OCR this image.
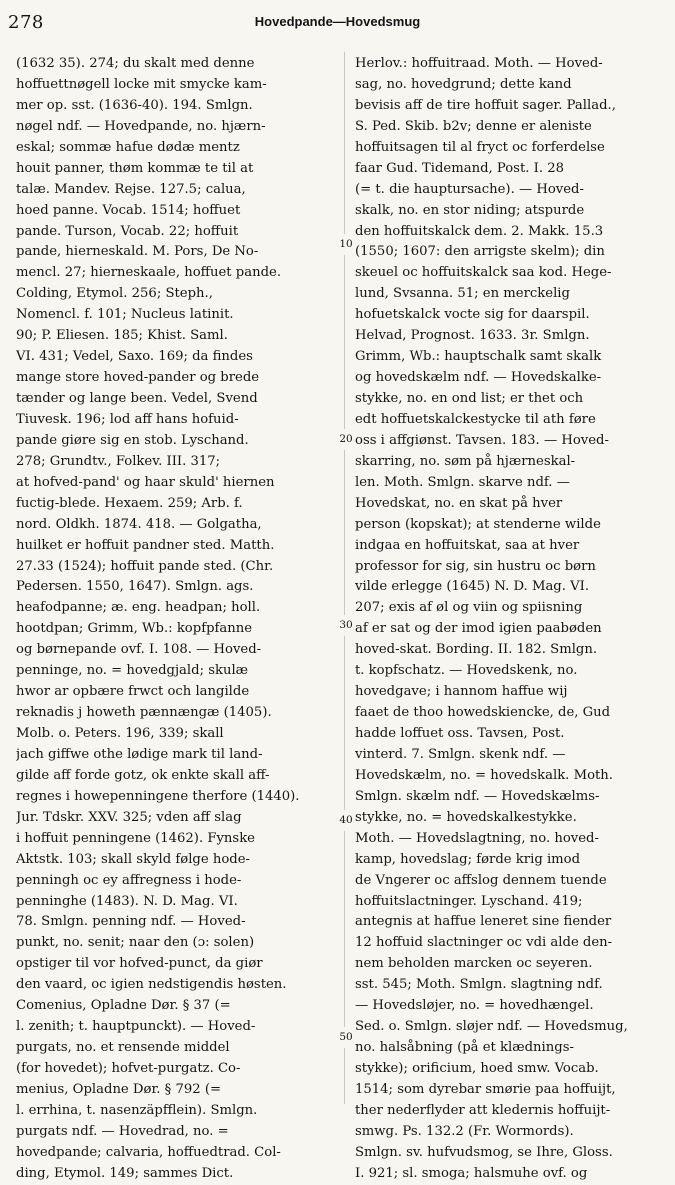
278	Hovedpande—Hovedsmug
(1632 35). 274; du skalt med denne
hoffuettnøgell locke mit smycke kam-
mer op. sst. (1636-40). 194. Smlgn.
nøgel ndf. — Hovedpande, no. hjærn-
eskal; sommæ hafue dødæ mentz
houit panner, thøm kommæ te til at
talæ. Mandev. Rejse. 127.5; calua,
hoed panne. Vocab. 1514; hoffuet
pande. Turson, Vocab. 22; hoffuit
pande, hierneskald. M. Pors, De No-
mencl. 27; hierneskaale, hoffuet pande.
Colding, Etymol. 256; Steph.,
Nomencl. f. 101; Nucleus latinit.
90; P. Eliesen. 185; Khist. Saml.
VI. 431; Vedel, Saxo. 169; da findes
mange store hoved-pander og brede
tænder og lange been. Vedel, Svend
Tiuvesk. 196; lod aff hans hofuid-
pande giøre sig en stob. Lyschand.
278; Grundtv., Folkev. III. 317;
at hofved-pand' og haar skuld' hiernen
fuctig-blede. Hexaem. 259; Arb. f.
nord. Oldkh. 1874. 418. — Golgatha,
huilket er hoffuit pandner sted. Matth.
27.33 (1524); hoffuit pande sted. (Chr.
Pedersen. 1550, 1647). Smlgn. ags.
heafodpanne; æ. eng. headpan; holl.
hootdpan; Grimm, Wb.: kopfpfanne
og børnepande ovf. I. 108. — Hoved-
penninge, no. = hovedgjald; skulæ
hwor ar opbære frwct och langilde
reknadis j howeth pænnængæ (1405).
Molb. o. Peters. 196, 339; skall
jach giffwe othe lødige mark til land-
gilde aff forde gotz, ok enkte skall aff-
regnes i howepenningene therfore (1440).
Jur. Tdskr. XXV. 325; vden aff slag
i hoffuit penningene (1462). Fynske
Aktstk. 103; skall skyld følge hode-
penningh oc ey affregness i hode-
penninghe (1483). N. D. Mag. VI.
78. Smlgn. penning ndf. — Hoved-
punkt, no. senit; naar den (ɔ: solen)
opstiger til vor hofved-punct, da giør
den vaard, oc igien nedstigendis høsten.
Comenius, Opladne Dør. § 37 (=
l. zenith; t. hauptpunckt). — Hoved-
purgats, no. et rensende middel
(for hovedet); hofvet-purgatz. Co-
menius, Opladne Dør. § 792 (=
l. errhina, t. nasenzäpfflein). Smlgn.
purgats ndf. — Hovedrad, no. =
hovedpande; calvaria, hoffuedtrad. Col-
ding, Etymol. 149; sammes Dict.
Herlov.: hoffuitraad. Moth. — Hoved-
sag, no. hovedgrund; dette kand
bevisis aff de tire hoffuit sager. Pallad.,
S. Ped. Skib. b2v; denne er aleniste
hoffuitsagen til al fryct oc forferdelse
faar Gud. Tidemand, Post. I. 28
(= t. die hauptursache). — Hoved-
skalk, no. en stor niding; atspurde
den hoffuitskalck dem. 2. Makk. 15.3
(1550; 1607: den arrigste skelm); din
skeuel oc hoffuitskalck saa kod. Hege-
lund, Svsanna. 51; en merckelig
hofuetskalck vocte sig for daarspil.
Helvad, Prognost. 1633. 3r. Smlgn.
Grimm, Wb.: hauptschalk samt skalk
og hovedskælm ndf. — Hovedskalke-
stykke, no. en ond list; er thet och
edt hoffuetskalckestycke til ath føre
oss i affgiønst. Tavsen. 183. — Hoved-
skarring, no. søm på hjærneskal-
len. Moth. Smlgn. skarve ndf. —
Hovedskat, no. en skat på hver
person (kopskat); at stenderne wilde
indgaa en hoffuitskat, saa at hver
professor for sig, sin hustru oc børn
vilde erlegge (1645) N. D. Mag. VI.
207; exis af øl og viin og spiisning
af er sat og der imod igien paabøden
hoved-skat. Bording. II. 182. Smlgn.
t. kopfschatz. — Hovedskenk, no.
hovedgave; i hannom haffue wij
faaet de thoo howedskiencke, de, Gud
hadde loffuet oss. Tavsen, Post.
vinterd. 7. Smlgn. skenk ndf. —
Hovedskælm, no. = hovedskalk. Moth.
Smlgn. skælm ndf. — Hovedskælms-
stykke, no. = hovedskalkestykke.
Moth. — Hovedslagtning, no. hoved-
kamp, hovedslag; førde krig imod
de Vngerer oc affslog dennem tuende
hoffuitslactninger. Lyschand. 419;
antegnis at haffue leneret sine fiender
12 hoffuid slactninger oc vdi alde den-
nem beholden marcken oc seyeren.
sst. 545; Moth. Smlgn. slagtning ndf.
— Hovedsløjer, no. = hovedhængel.
Sed. o. Smlgn. sløjer ndf. — Hovedsmug,
no. halsåbning (på et klædnings-
stykke); orificium, hoed smw. Vocab.
1514; som dyrebar smørie paa hoffuijt,
ther nederflyder att kledernis hoffuijt-
smwg. Ps. 132.2 (Fr. Wormords).
Smlgn. sv. hufvudsmog, se Ihre, Gloss.
I. 921; sl. smoga; halsmuhe ovf. og
10
20
30
40
50
